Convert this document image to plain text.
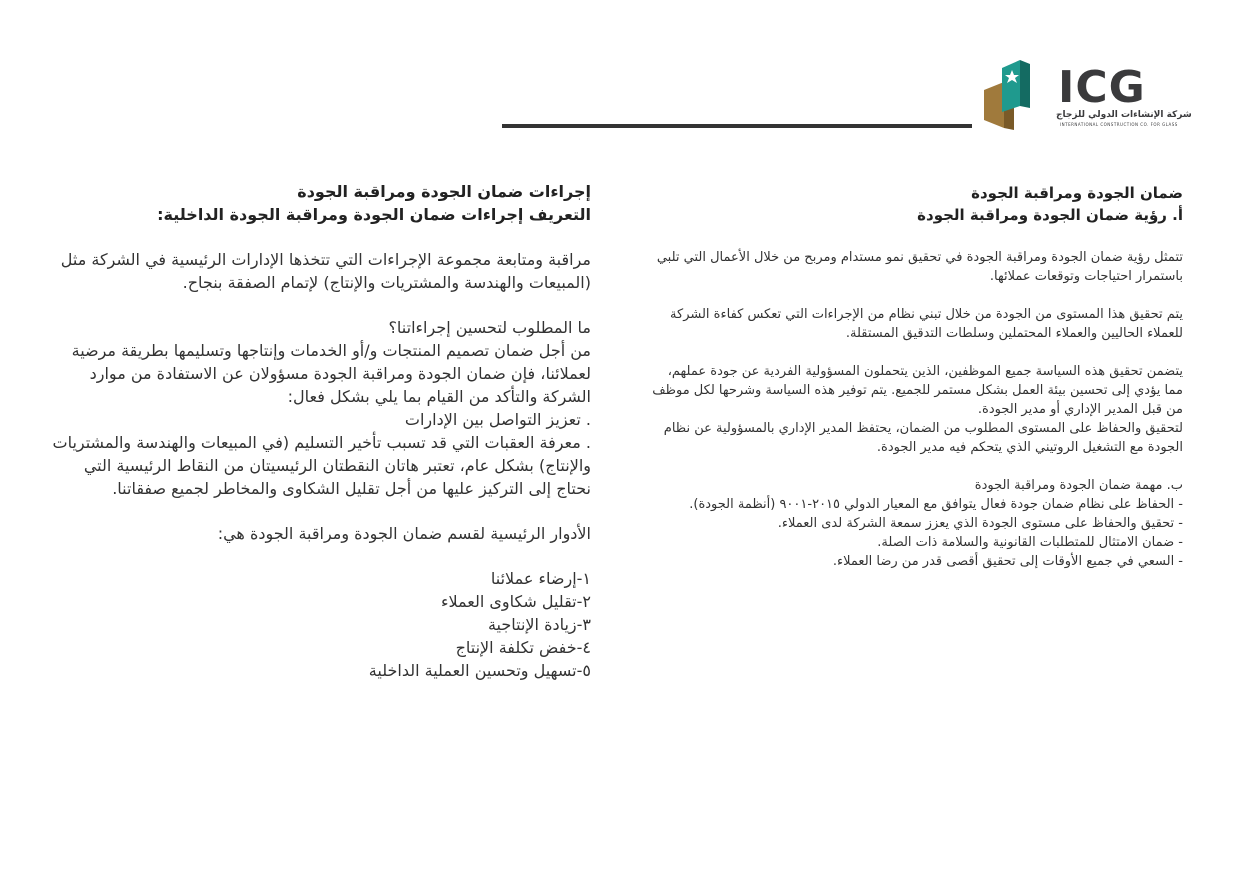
ICG
شركة الإنشاءات الدولي للزجاج
INTERNATIONAL CONSTRUCTION CO. FOR GLASS

ضمان الجودة ومراقبة الجودة

أ. رؤية ضمان الجودة ومراقبة الجودة

تتمثل رؤية ضمان الجودة ومراقبة الجودة في تحقيق نمو مستدام ومربح من خلال الأعمال التي تلبي باستمرار احتياجات وتوقعات عملائها.

يتم تحقيق هذا المستوى من الجودة من خلال تبني نظام من الإجراءات التي تعكس كفاءة الشركة للعملاء الحاليين والعملاء المحتملين وسلطات التدقيق المستقلة.

يتضمن تحقيق هذه السياسة جميع الموظفين، الذين يتحملون المسؤولية الفردية عن جودة عملهم، مما يؤدي إلى تحسين بيئة العمل بشكل مستمر للجميع. يتم توفير هذه السياسة وشرحها لكل موظف من قبل المدير الإداري أو مدير الجودة.

لتحقيق والحفاظ على المستوى المطلوب من الضمان، يحتفظ المدير الإداري بالمسؤولية عن نظام الجودة مع التشغيل الروتيني الذي يتحكم فيه مدير الجودة.

ب. مهمة ضمان الجودة ومراقبة الجودة

- الحفاظ على نظام ضمان جودة فعال يتوافق مع المعيار الدولي ٢٠١٥-٩٠٠١ (أنظمة الجودة).

- تحقيق والحفاظ على مستوى الجودة الذي يعزز سمعة الشركة لدى العملاء.

- ضمان الامتثال للمتطلبات القانونية والسلامة ذات الصلة.

- السعي في جميع الأوقات إلى تحقيق أقصى قدر من رضا العملاء.

إجراءات ضمان الجودة ومراقبة الجودة

التعريف إجراءات ضمان الجودة ومراقبة الجودة الداخلية:

مراقبة ومتابعة مجموعة الإجراءات التي تتخذها الإدارات الرئيسية في الشركة مثل (المبيعات والهندسة والمشتريات والإنتاج) لإتمام الصفقة بنجاح.

ما المطلوب لتحسين إجراءاتنا؟

من أجل ضمان تصميم المنتجات و/أو الخدمات وإنتاجها وتسليمها بطريقة مرضية لعملائنا، فإن ضمان الجودة ومراقبة الجودة مسؤولان عن الاستفادة من موارد الشركة والتأكد من القيام بما يلي بشكل فعال:

. تعزيز التواصل بين الإدارات

. معرفة العقبات التي قد تسبب تأخير التسليم (في المبيعات والهندسة والمشتريات والإنتاج) بشكل عام، تعتبر هاتان النقطتان الرئيسيتان من النقاط الرئيسية التي نحتاج إلى التركيز عليها من أجل تقليل الشكاوى والمخاطر لجميع صفقاتنا.

الأدوار الرئيسية لقسم ضمان الجودة ومراقبة الجودة هي:

١-إرضاء عملائنا

٢-تقليل شكاوى العملاء

٣-زيادة الإنتاجية

٤-خفض تكلفة الإنتاج

٥-تسهيل وتحسين العملية الداخلية
